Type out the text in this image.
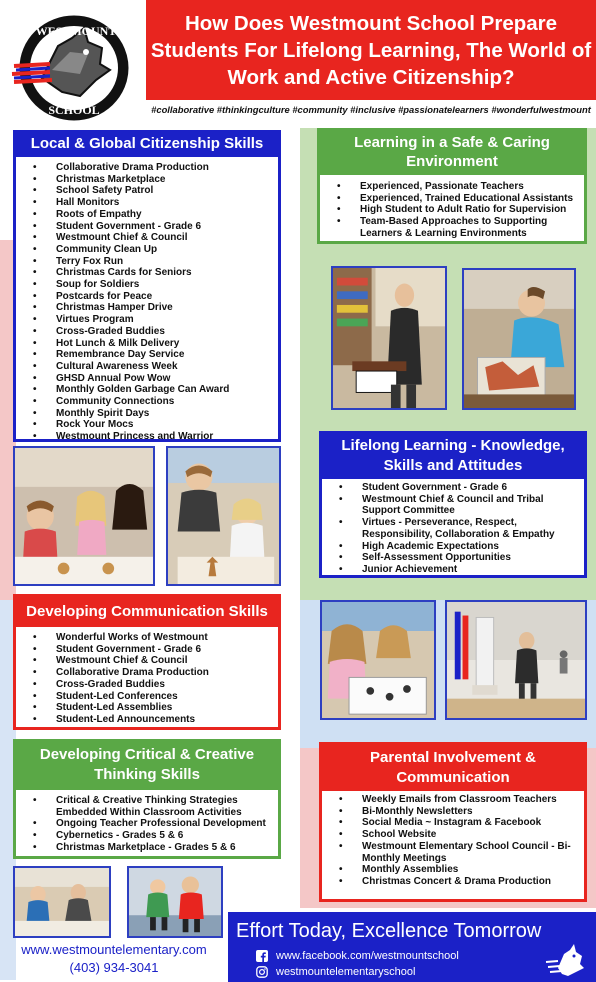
WESTMOUNT
SCHOOL
How Does Westmount School Prepare Students For Lifelong Learning, The World of Work and Active Citizenship?
#collaborative #thinkingculture #community #inclusive #passionatelearners #wonderfulwestmount
Local & Global Citizenship Skills
• Collaborative Drama Production
• Christmas Marketplace
• School Safety Patrol
• Hall Monitors
• Roots of Empathy
• Student Government - Grade 6
• Westmount Chief & Council
• Community Clean Up
• Terry Fox Run
• Christmas Cards for Seniors
• Soup for Soldiers
• Postcards for Peace
• Christmas Hamper Drive
• Virtues Program
• Cross-Graded Buddies
• Hot Lunch & Milk Delivery
• Remembrance Day Service
• Cultural Awareness Week
• GHSD Annual Pow Wow
• Monthly Golden Garbage Can Award
• Community Connections
• Monthly Spirit Days
• Rock Your Mocs
• Westmount Princess and Warrior
Learning in a Safe & Caring Environment
• Experienced, Passionate Teachers
• Experienced, Trained Educational Assistants
• High Student to Adult Ratio for Supervision
• Team-Based Approaches to Supporting Learners & Learning Environments
Lifelong Learning - Knowledge, Skills and Attitudes
• Student Government - Grade 6
• Westmount Chief & Council and Tribal Support Committee
• Virtues - Perseverance, Respect, Responsibility, Collaboration & Empathy
• High Academic Expectations
• Self-Assessment Opportunities
• Junior Achievement
Developing Communication Skills
• Wonderful Works of Westmount
• Student Government - Grade 6
• Westmount Chief & Council
• Collaborative Drama Production
• Cross-Graded Buddies
• Student-Led Conferences
• Student-Led Assemblies
• Student-Led Announcements
Developing Critical & Creative Thinking Skills
• Critical & Creative Thinking Strategies Embedded Within Classroom Activities
• Ongoing Teacher Professional Development
• Cybernetics - Grades 5 & 6
• Christmas Marketplace - Grades 5 & 6
Parental Involvement & Communication
• Weekly Emails from Classroom Teachers
• Bi-Monthly Newsletters
• Social Media ~ Instagram & Facebook
• School Website
• Westmount Elementary School Council - Bi-Monthly Meetings
• Monthly Assemblies
• Christmas Concert & Drama Production
www.westmountelementary.com
(403) 934-3041
Effort Today, Excellence Tomorrow
www.facebook.com/westmountschool
westmountelementaryschool
